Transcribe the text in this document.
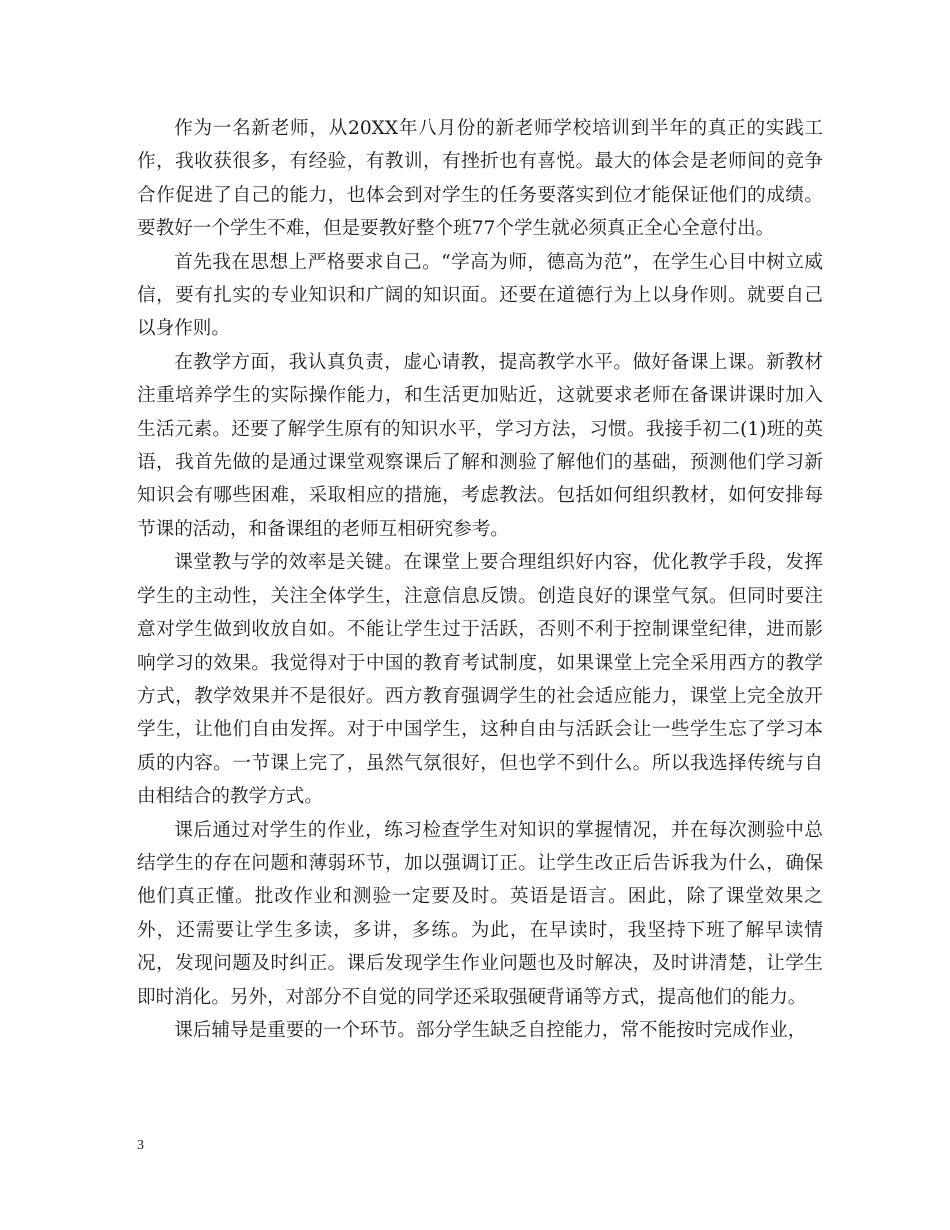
作为一名新老师，从20XX年八月份的新老师学校培训到半年的真正的实践工作，我收获很多，有经验，有教训，有挫折也有喜悦。最大的体会是老师间的竞争合作促进了自己的能力，也体会到对学生的任务要落实到位才能保证他们的成绩。要教好一个学生不难，但是要教好整个班77个学生就必须真正全心全意付出。

首先我在思想上严格要求自己。“学高为师，德高为范”，在学生心目中树立威信，要有扎实的专业知识和广阔的知识面。还要在道德行为上以身作则。就要自己以身作则。

在教学方面，我认真负责，虚心请教，提高教学水平。做好备课上课。新教材注重培养学生的实际操作能力，和生活更加贴近，这就要求老师在备课讲课时加入生活元素。还要了解学生原有的知识水平，学习方法，习惯。我接手初二(1)班的英语，我首先做的是通过课堂观察课后了解和测验了解他们的基础，预测他们学习新知识会有哪些困难，采取相应的措施，考虑教法。包括如何组织教材，如何安排每节课的活动，和备课组的老师互相研究参考。

课堂教与学的效率是关键。在课堂上要合理组织好内容，优化教学手段，发挥学生的主动性，关注全体学生，注意信息反馈。创造良好的课堂气氛。但同时要注意对学生做到收放自如。不能让学生过于活跃，否则不利于控制课堂纪律，进而影响学习的效果。我觉得对于中国的教育考试制度，如果课堂上完全采用西方的教学方式，教学效果并不是很好。西方教育强调学生的社会适应能力，课堂上完全放开学生，让他们自由发挥。对于中国学生，这种自由与活跃会让一些学生忘了学习本质的内容。一节课上完了，虽然气氛很好，但也学不到什么。所以我选择传统与自由相结合的教学方式。

课后通过对学生的作业，练习检查学生对知识的掌握情况，并在每次测验中总结学生的存在问题和薄弱环节，加以强调订正。让学生改正后告诉我为什么，确保他们真正懂。批改作业和测验一定要及时。英语是语言。困此，除了课堂效果之外，还需要让学生多读，多讲，多练。为此，在早读时，我坚持下班了解早读情况，发现问题及时纠正。课后发现学生作业问题也及时解决，及时讲清楚，让学生即时消化。另外，对部分不自觉的同学还采取强硬背诵等方式，提高他们的能力。

课后辅导是重要的一个环节。部分学生缺乏自控能力，常不能按时完成作业，

3
